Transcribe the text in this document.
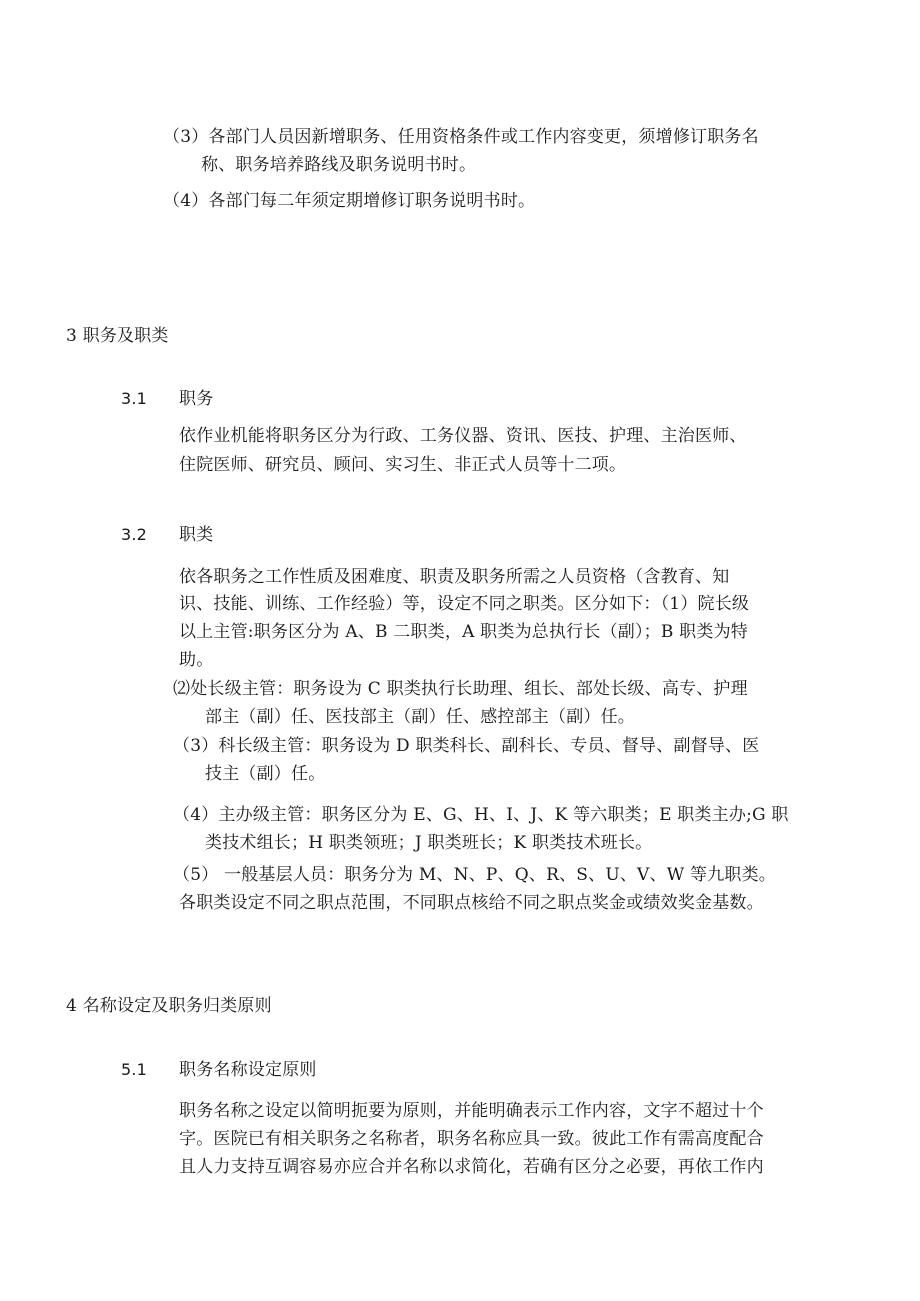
（3）各部门人员因新增职务、任用资格条件或工作内容变更，须增修订职务名
称、职务培养路线及职务说明书时。
（4）各部门每二年须定期增修订职务说明书时。
3 职务及职类
3.1 职务
依作业机能将职务区分为行政、工务仪器、资讯、医技、护理、主治医师、
住院医师、研究员、顾问、实习生、非正式人员等十二项。
3.2 职类
依各职务之工作性质及困难度、职责及职务所需之人员资格（含教育、知
识、技能、训练、工作经验）等，设定不同之职类。区分如下：（1）院长级
以上主管:职务区分为 A、B 二职类，A 职类为总执行长（副）；B 职类为特
助。
⑵处长级主管：职务设为 C 职类执行长助理、组长、部处长级、高专、护理
部主（副）任、医技部主（副）任、感控部主（副）任。
（3）科长级主管：职务设为 D 职类科长、副科长、专员、督导、副督导、医
技主（副）任。
（4）主办级主管：职务区分为 E、G、H、I、J、K 等六职类；E 职类主办;G 职
类技术组长；H 职类领班；J 职类班长；K 职类技术班长。
（5） 一般基层人员：职务分为 M、N、P、Q、R、S、U、V、W 等九职类。
各职类设定不同之职点范围，不同职点核给不同之职点奖金或绩效奖金基数。
4 名称设定及职务归类原则
5.1 职务名称设定原则
职务名称之设定以简明扼要为原则，并能明确表示工作内容，文字不超过十个
字。医院已有相关职务之名称者，职务名称应具一致。彼此工作有需高度配合
且人力支持互调容易亦应合并名称以求简化，若确有区分之必要，再依工作内
